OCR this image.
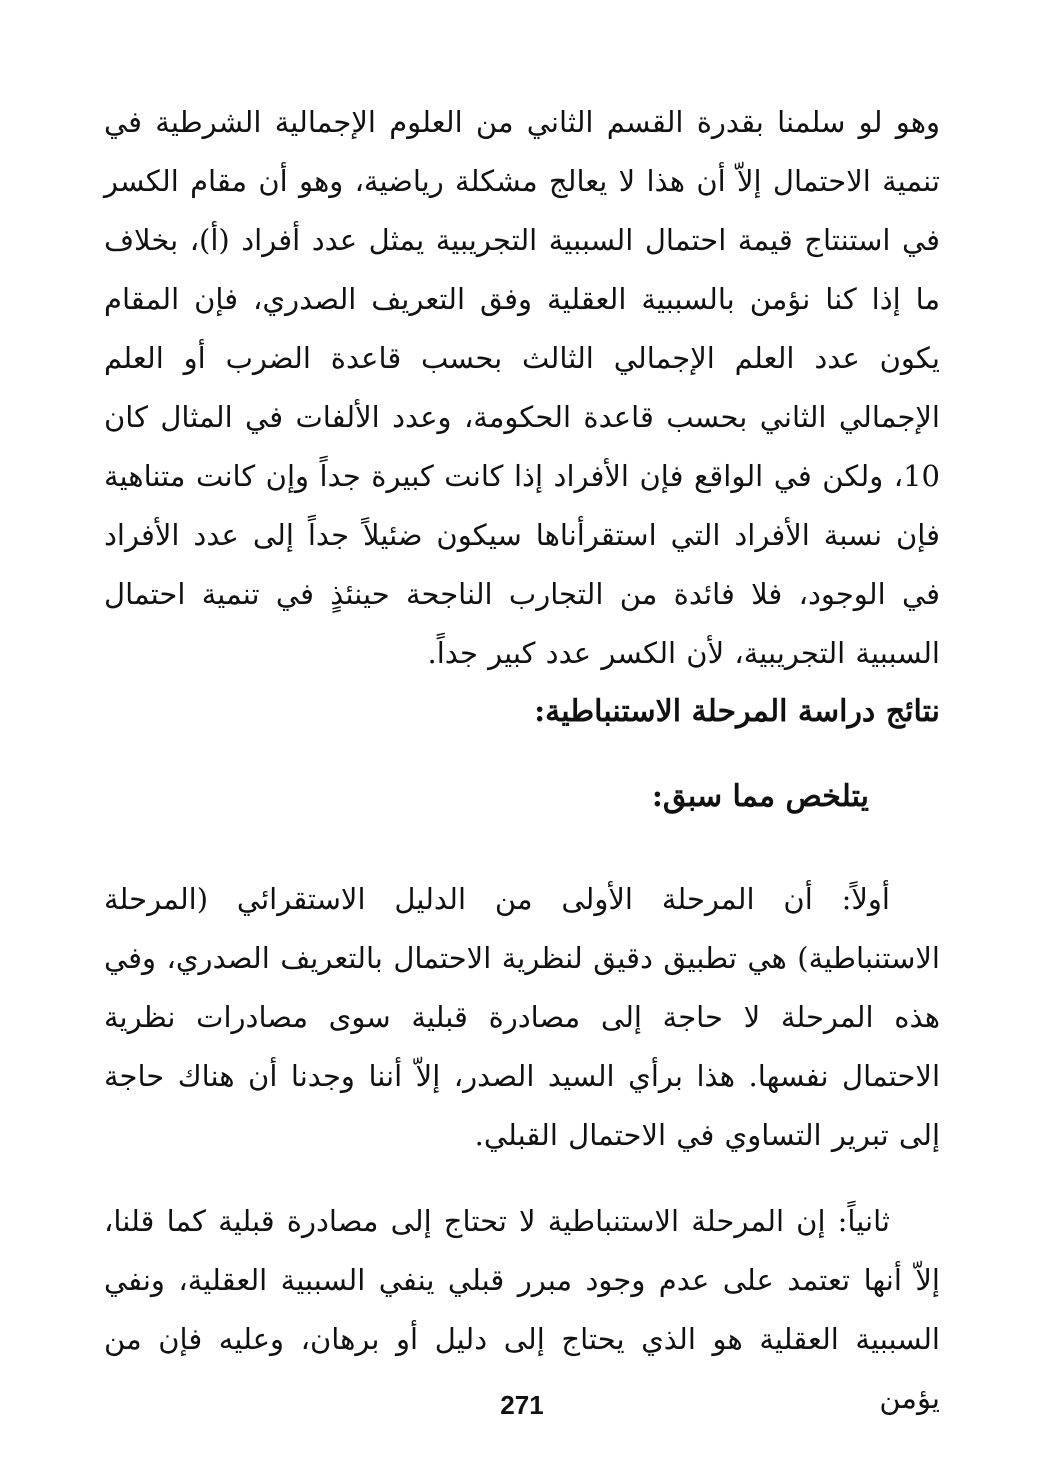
وهو لو سلمنا بقدرة القسم الثاني من العلوم الإجمالية الشرطية في تنمية الاحتمال إلاّ أن هذا لا يعالج مشكلة رياضية، وهو أن مقام الكسر في استنتاج قيمة احتمال السببية التجريبية يمثل عدد أفراد (أ)، بخلاف ما إذا كنا نؤمن بالسببية العقلية وفق التعريف الصدري، فإن المقام يكون عدد العلم الإجمالي الثالث بحسب قاعدة الضرب أو العلم الإجمالي الثاني بحسب قاعدة الحكومة، وعدد الألفات في المثال كان 10، ولكن في الواقع فإن الأفراد إذا كانت كبيرة جداً وإن كانت متناهية فإن نسبة الأفراد التي استقرأناها سيكون ضئيلاً جداً إلى عدد الأفراد في الوجود، فلا فائدة من التجارب الناجحة حينئذٍ في تنمية احتمال السببية التجريبية، لأن الكسر عدد كبير جداً.

نتائج دراسة المرحلة الاستنباطية:
يتلخص مما سبق:

أولاً: أن المرحلة الأولى من الدليل الاستقرائي (المرحلة الاستنباطية) هي تطبيق دقيق لنظرية الاحتمال بالتعريف الصدري، وفي هذه المرحلة لا حاجة إلى مصادرة قبلية سوى مصادرات نظرية الاحتمال نفسها. هذا برأي السيد الصدر، إلاّ أننا وجدنا أن هناك حاجة إلى تبرير التساوي في الاحتمال القبلي.

ثانياً: إن المرحلة الاستنباطية لا تحتاج إلى مصادرة قبلية كما قلنا، إلاّ أنها تعتمد على عدم وجود مبرر قبلي ينفي السببية العقلية، ونفي السببية العقلية هو الذي يحتاج إلى دليل أو برهان، وعليه فإن من يؤمن

271
